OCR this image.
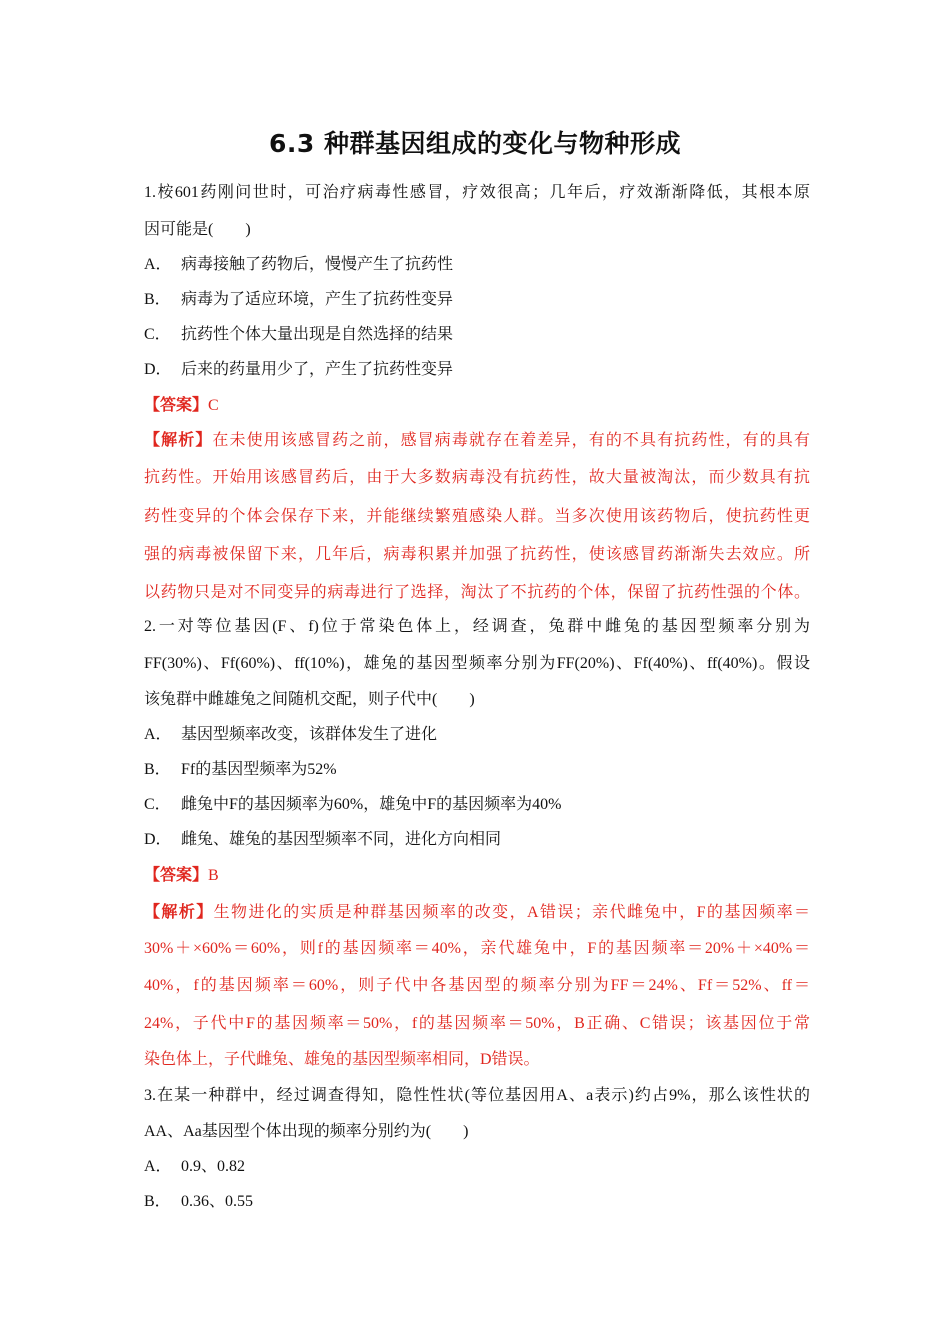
6.3 种群基因组成的变化与物种形成
1.桉601药刚问世时，可治疗病毒性感冒，疗效很高；几年后，疗效渐渐降低，其根本原
因可能是(　　)
A． 病毒接触了药物后，慢慢产生了抗药性
B． 病毒为了适应环境，产生了抗药性变异
C． 抗药性个体大量出现是自然选择的结果
D． 后来的药量用少了，产生了抗药性变异
【答案】C
【解析】在未使用该感冒药之前，感冒病毒就存在着差异，有的不具有抗药性，有的具有
抗药性。开始用该感冒药后，由于大多数病毒没有抗药性，故大量被淘汰，而少数具有抗
药性变异的个体会保存下来，并能继续繁殖感染人群。当多次使用该药物后，使抗药性更
强的病毒被保留下来，几年后，病毒积累并加强了抗药性，使该感冒药渐渐失去效应。所
以药物只是对不同变异的病毒进行了选择，淘汰了不抗药的个体，保留了抗药性强的个体。
2.一对等位基因(F、f)位于常染色体上，经调查，兔群中雌兔的基因型频率分别为
FF(30%)、Ff(60%)、ff(10%)，雄兔的基因型频率分别为FF(20%)、Ff(40%)、ff(40%)。假设
该兔群中雌雄兔之间随机交配，则子代中(　　)
A． 基因型频率改变，该群体发生了进化
B． Ff的基因型频率为52%
C． 雌兔中F的基因频率为60%，雄兔中F的基因频率为40%
D． 雌兔、雄兔的基因型频率不同，进化方向相同
【答案】B
【解析】生物进化的实质是种群基因频率的改变，A错误；亲代雌兔中，F的基因频率＝
30%＋×60%＝60%，则f的基因频率＝40%，亲代雄兔中，F的基因频率＝20%＋×40%＝
40%，f的基因频率＝60%，则子代中各基因型的频率分别为FF＝24%、Ff＝52%、ff＝
24%，子代中F的基因频率＝50%，f的基因频率＝50%，B正确、C错误；该基因位于常
染色体上，子代雌兔、雄兔的基因型频率相同，D错误。
3.在某一种群中，经过调查得知，隐性性状(等位基因用A、a表示)约占9%，那么该性状的
AA、Aa基因型个体出现的频率分别约为(　　)
A． 0.9、0.82
B． 0.36、0.55
